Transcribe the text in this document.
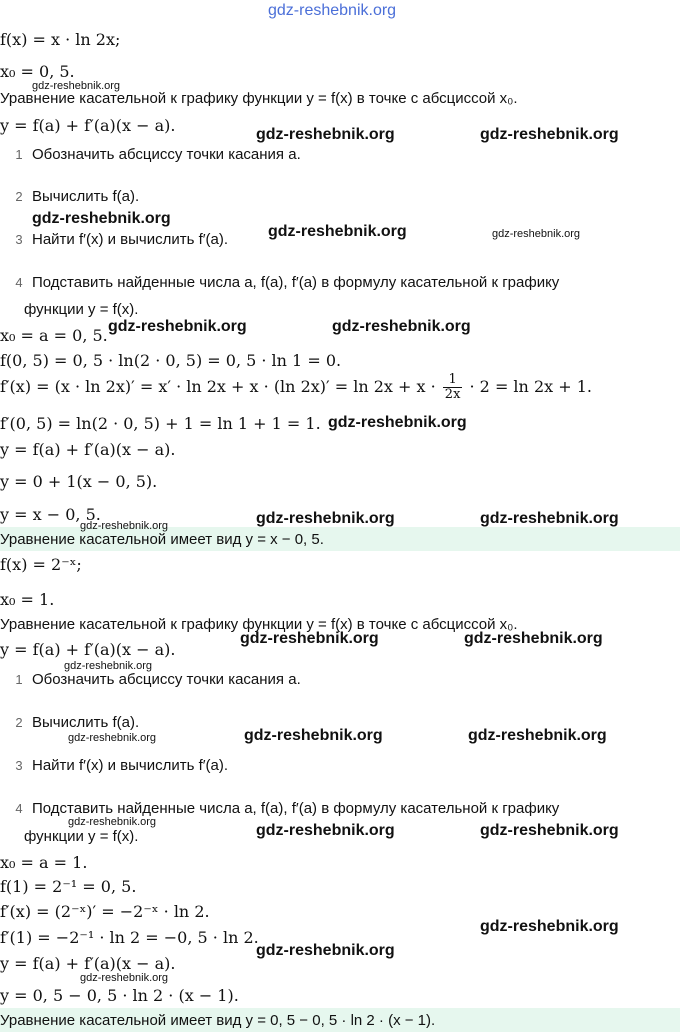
f(x) = x · ln 2x;
x₀ = 0, 5.
Уравнение касательной к графику функции y = f(x) в точке с абсциссой x₀.
y = f(a) + f′(a)(x − a).
1 Обозначить абсциссу точки касания a.
2 Вычислить f(a).
3 Найти f′(x) и вычислить f′(a).
4 Подставить найденные числа a, f(a), f′(a) в формулу касательной к графику
функции y = f(x).
x₀ = a = 0, 5.
f(0, 5) = 0, 5 · ln(2 · 0, 5) = 0, 5 · ln 1 = 0.
f′(x) = (x · ln 2x)′ = x′ · ln 2x + x · (ln $2x)' = \ln 2x + x \cdot \frac{1}{2x} \cdot 2 = \ln 2x + 1$.
f′(0, 5) = ln(2 · 0, 5) + 1 = ln 1 + 1 = 1.
y = f(a) + f′(a)(x − a).
y = 0 + 1(x − 0, 5).
y = x − 0, 5.
Уравнение касательной имеет вид y = x − 0, 5.
f(x) = 2⁻ˣ;
x₀ = 1.
Уравнение касательной к графику функции y = f(x) в точке с абсциссой x₀.
y = f(a) + f′(a)(x − a).
1 Обозначить абсциссу точки касания a.
2 Вычислить f(a).
3 Найти f′(x) и вычислить f′(a).
4 Подставить найденные числа a, f(a), f′(a) в формулу касательной к графику
функции y = f(x).
x₀ = a = 1.
f(1) = 2⁻¹ = 0, 5.
f′(x) = (2⁻ˣ)′ = −2⁻ˣ · ln 2.
f′(1) = −2⁻¹ · ln 2 = −0, 5 · ln 2.
y = f(a) + f′(a)(x − a).
y = 0, 5 − 0, 5 · ln 2 · (x − 1).
Уравнение касательной имеет вид y = 0, 5 − 0, 5 · ln 2 · (x − 1).
gdz-reshebnik.org
gdz-reshebnik.org
gdz-reshebnik.org	gdz-reshebnik.org
gdz-reshebnik.org
gdz-reshebnik.org	gdz-reshebnik.org
gdz-reshebnik.org	gdz-reshebnik.org
gdz-reshebnik.org
gdz-reshebnik.org	gdz-reshebnik.org	gdz-reshebnik.org
gdz-reshebnik.org	gdz-reshebnik.org
gdz-reshebnik.org
gdz-reshebnik.org	gdz-reshebnik.org	gdz-reshebnik.org
gdz-reshebnik.org	gdz-reshebnik.org	gdz-reshebnik.org
gdz-reshebnik.org
gdz-reshebnik.org
gdz-reshebnik.org
